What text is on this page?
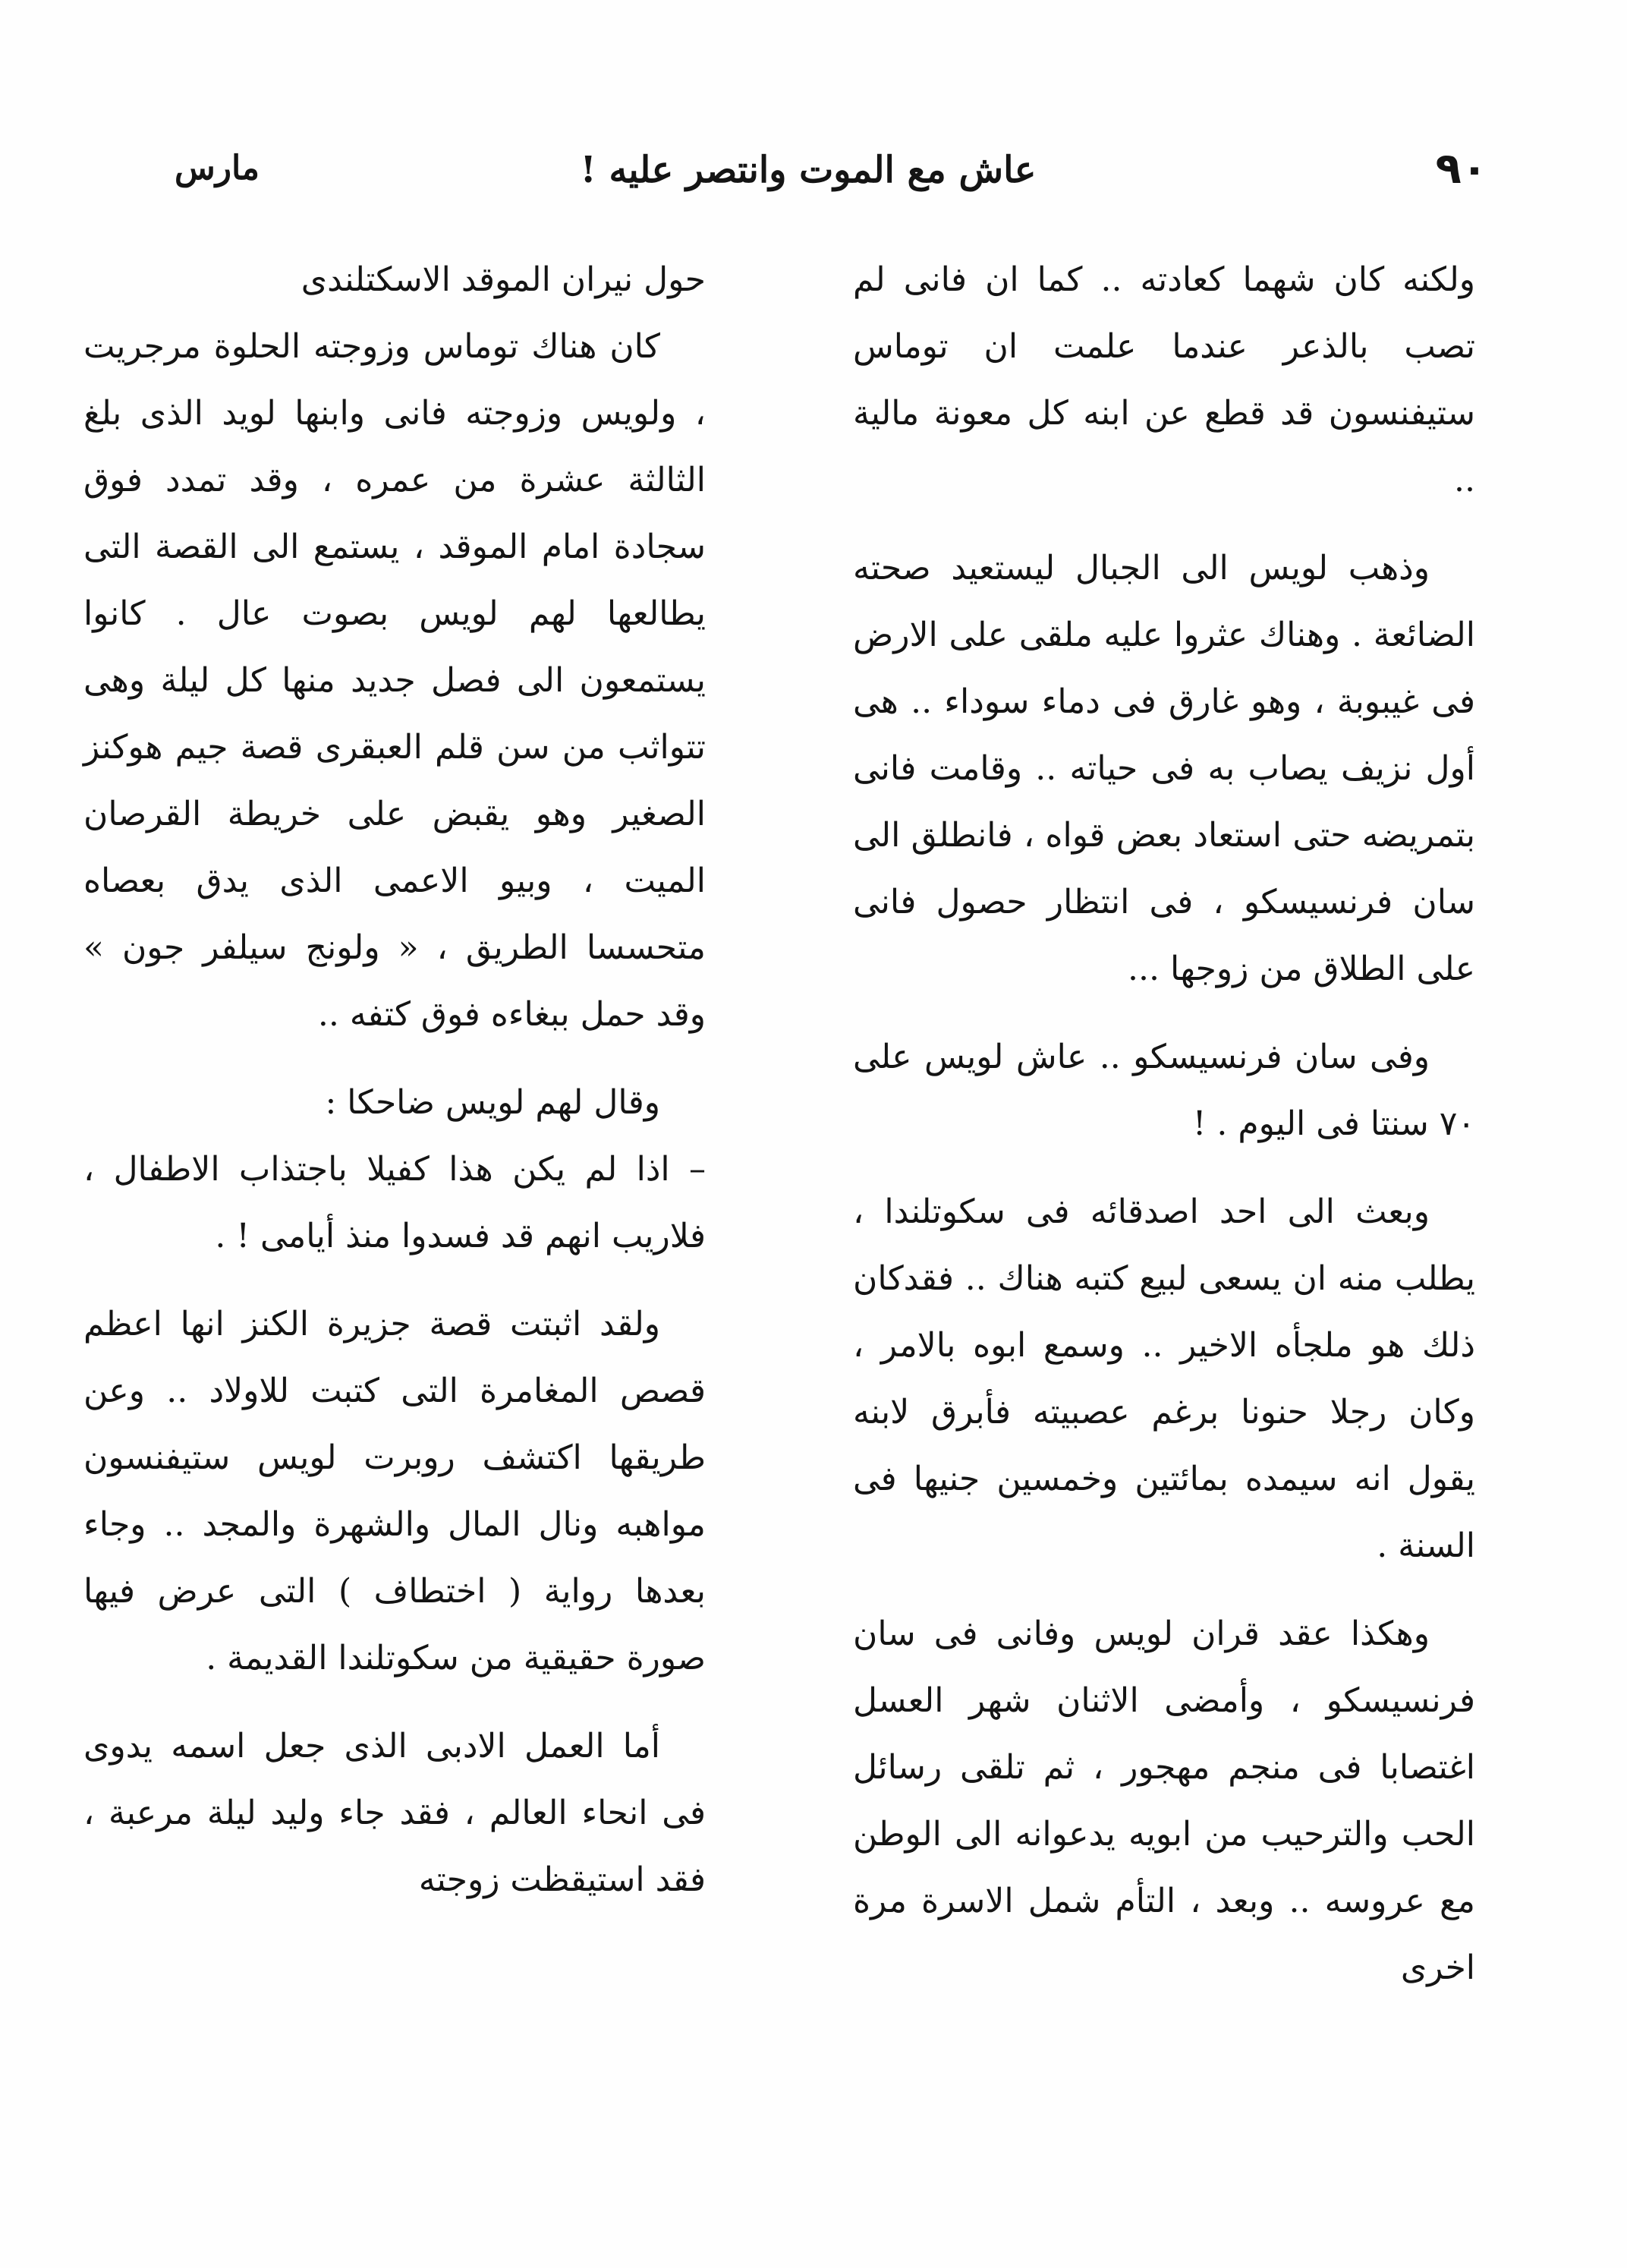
٩٠
عاش مع الموت وانتصر عليه !
مارس

ولكنه كان شهما كعادته .. كما ان فانى لم تصب بالذعر عندما علمت ان توماس ستيفنسون قد قطع عن ابنه كل معونة مالية ..

وذهب لويس الى الجبال ليستعيد صحته الضائعة . وهناك عثروا عليه ملقى على الارض فى غيبوبة ، وهو غارق فى دماء سوداء .. هى أول نزيف يصاب به فى حياته .. وقامت فانى بتمريضه حتى استعاد بعض قواه ، فانطلق الى سان فرنسيسكو ، فى انتظار حصول فانى على الطلاق من زوجها ...

وفى سان فرنسيسكو .. عاش لويس على ٧٠ سنتا فى اليوم . !

وبعث الى احد اصدقائه فى سكوتلندا ، يطلب منه ان يسعى لبيع كتبه هناك .. فقدكان ذلك هو ملجأه الاخير .. وسمع ابوه بالامر ، وكان رجلا حنونا برغم عصبيته فأبرق لابنه يقول انه سيمده بمائتين وخمسين جنيها فى السنة .

وهكذا عقد قران لويس وفانى فى سان فرنسيسكو ، وأمضى الاثنان شهر العسل اغتصابا فى منجم مهجور ، ثم تلقى رسائل الحب والترحيب من ابويه يدعوانه الى الوطن مع عروسه .. وبعد ، التأم شمل الاسرة مرة اخرى

حول نيران الموقد الاسكتلندى

كان هناك توماس وزوجته الحلوة مرجريت ، ولويس وزوجته فانى وابنها لويد الذى بلغ الثالثة عشرة من عمره ، وقد تمدد فوق سجادة امام الموقد ، يستمع الى القصة التى يطالعها لهم لويس بصوت عال . كانوا يستمعون الى فصل جديد منها كل ليلة وهى تتواثب من سن قلم العبقرى قصة جيم هوكنز الصغير وهو يقبض على خريطة القرصان الميت ، وبيو الاعمى الذى يدق بعصاه متحسسا الطريق ، « ولونج سيلفر جون » وقد حمل ببغاءه فوق كتفه ..

وقال لهم لويس ضاحكا :

– اذا لم يكن هذا كفيلا باجتذاب الاطفال ، فلاريب انهم قد فسدوا منذ أيامى ! .

ولقد اثبتت قصة جزيرة الكنز انها اعظم قصص المغامرة التى كتبت للاولاد .. وعن طريقها اكتشف روبرت لويس ستيفنسون مواهبه ونال المال والشهرة والمجد .. وجاء بعدها رواية ( اختطاف ) التى عرض فيها صورة حقيقية من سكوتلندا القديمة .

أما العمل الادبى الذى جعل اسمه يدوى فى انحاء العالم ، فقد جاء وليد ليلة مرعبة ، فقد استيقظت زوجته
